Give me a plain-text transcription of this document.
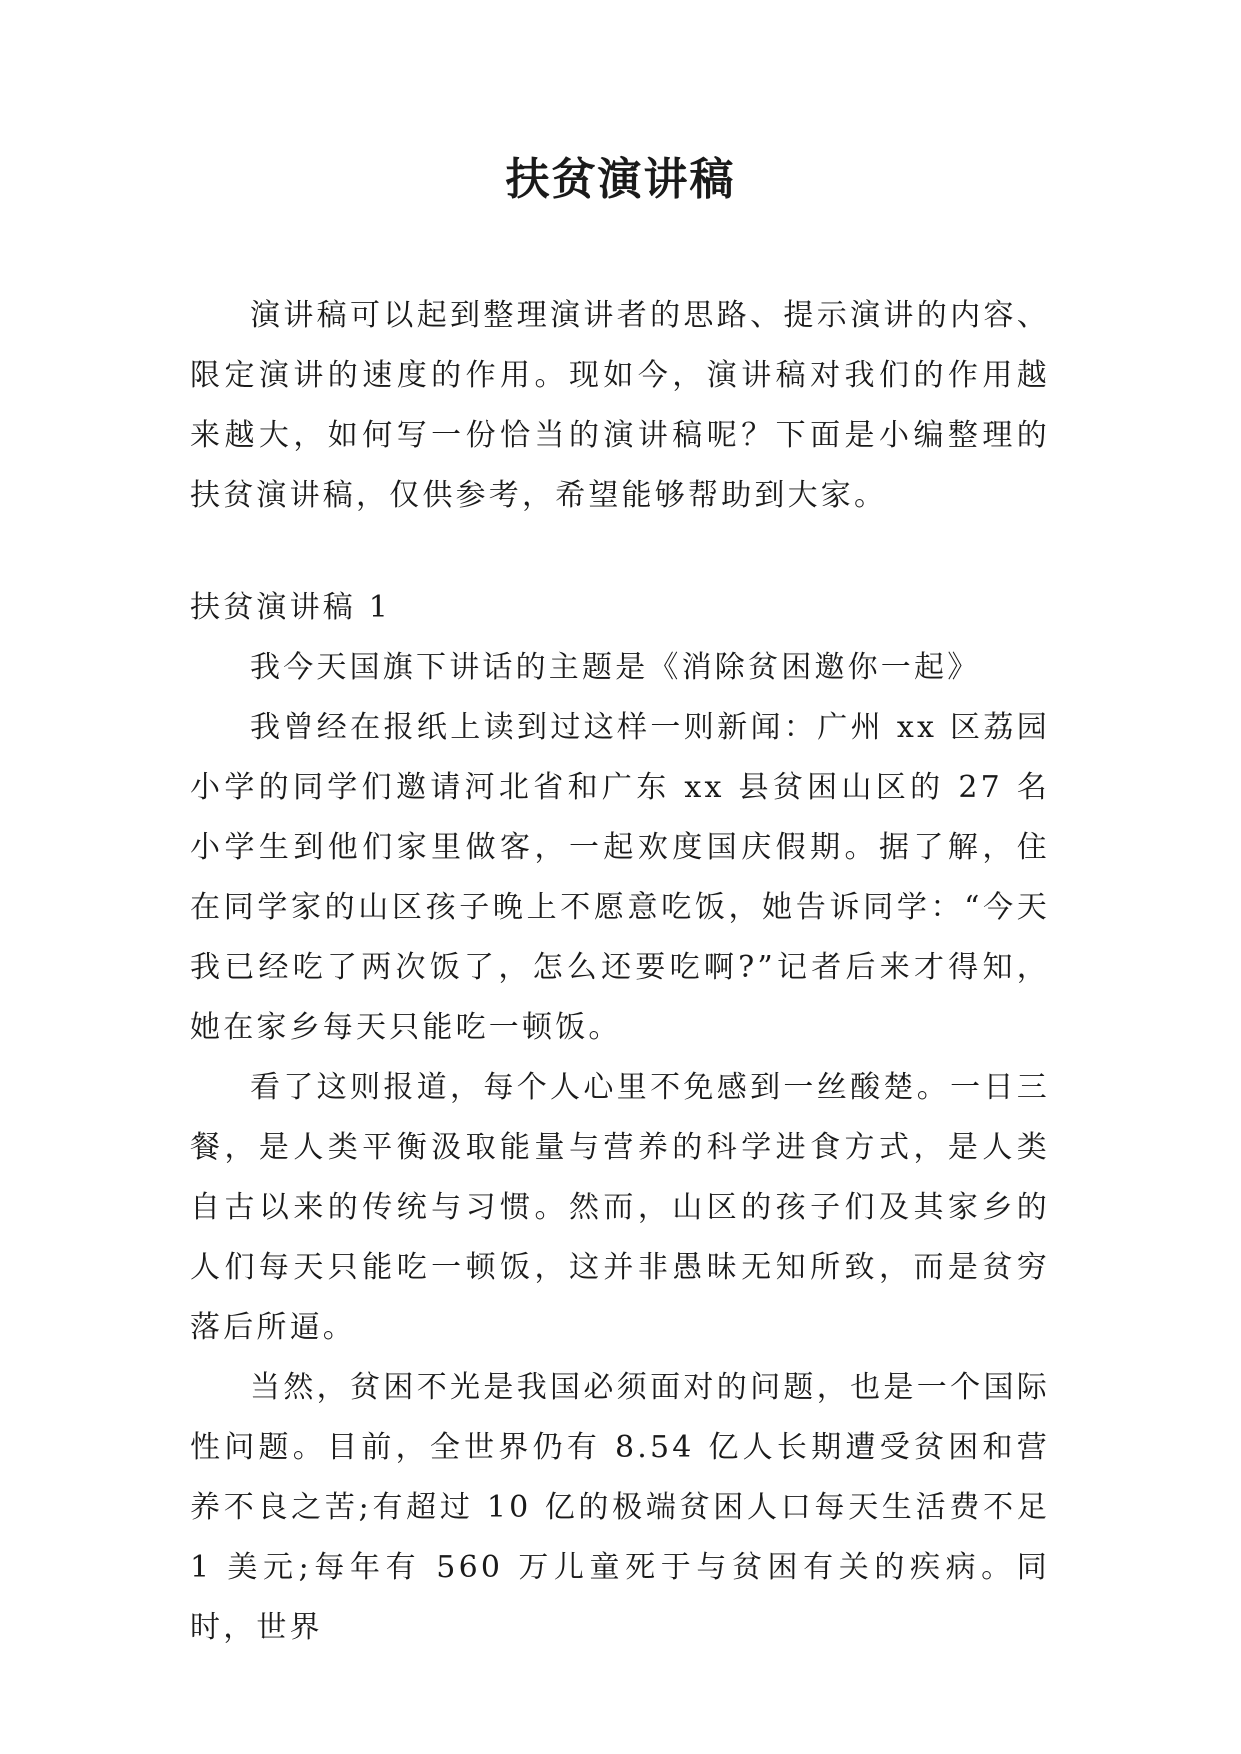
扶贫演讲稿

演讲稿可以起到整理演讲者的思路、提示演讲的内容、限定演讲的速度的作用。现如今，演讲稿对我们的作用越来越大，如何写一份恰当的演讲稿呢？下面是小编整理的扶贫演讲稿，仅供参考，希望能够帮助到大家。

扶贫演讲稿 1

我今天国旗下讲话的主题是《消除贫困邀你一起》

我曾经在报纸上读到过这样一则新闻：广州 xx 区荔园小学的同学们邀请河北省和广东 xx 县贫困山区的 27 名小学生到他们家里做客，一起欢度国庆假期。据了解，住在同学家的山区孩子晚上不愿意吃饭，她告诉同学：“今天我已经吃了两次饭了，怎么还要吃啊?”记者后来才得知，她在家乡每天只能吃一顿饭。

看了这则报道，每个人心里不免感到一丝酸楚。一日三餐，是人类平衡汲取能量与营养的科学进食方式，是人类自古以来的传统与习惯。然而，山区的孩子们及其家乡的人们每天只能吃一顿饭，这并非愚昧无知所致，而是贫穷落后所逼。

当然，贫困不光是我国必须面对的问题，也是一个国际性问题。目前，全世界仍有 8.54 亿人长期遭受贫困和营养不良之苦;有超过 10 亿的极端贫困人口每天生活费不足 1 美元;每年有 560 万儿童死于与贫困有关的疾病。同时，世界
